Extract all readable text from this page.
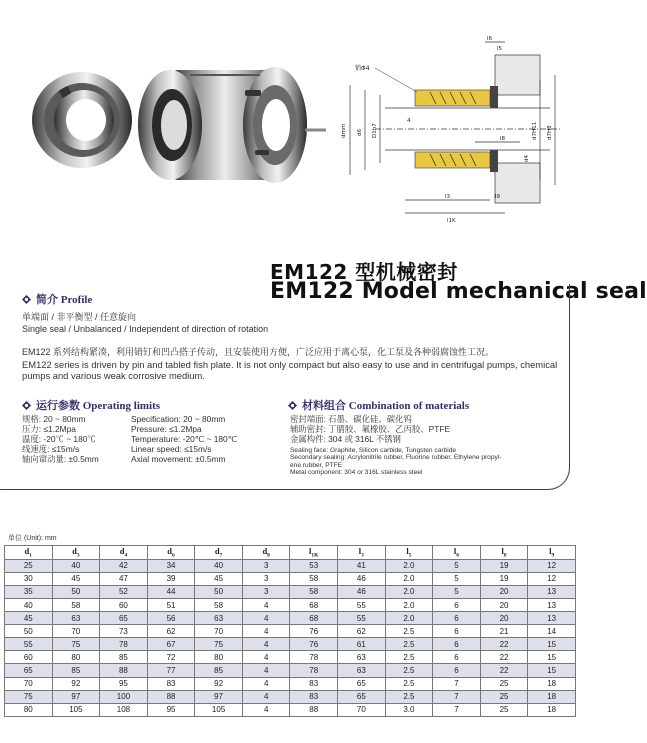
销Φ4
dmm d6 D1h7
4
d7H11 d7H8
l6
l5
l8
d4
l3	l9
l1K
EM122 型机械密封
EM122 Model mechanical seal
简介 Profile
单端面 / 非平衡型 / 任意旋向
Single seal / Unbalanced / Independent of direction of rotation
EM122 系列结构紧凑，利用销钉和凹凸搭子传动，且安装使用方便，广泛应用于离心泵，化工泵及各种弱腐蚀性工况。
EM122 series is driven by pin and tabled fish plate. It is not only compact but also easy to use and in centrifugal pumps, chemical pumps and various weak corrosive medium.
运行参数 Operating limits
规格: 20 ~ 80mm
压力: ≤1.2Mpa
温度: -20℃ ~ 180℃
线速度: ≤15m/s
轴向窜动量: ±0.5mm
Specification: 20 ~ 80mm
Pressure: ≤1.2Mpa
Temperature: -20℃ ~ 180℃
Linear speed: ≤15m/s
Axial movement: ±0.5mm
材料组合 Combination of materials
密封端面: 石墨、碳化硅、碳化钨
辅助密封: 丁腈胶、氟橡胶、乙丙胶、PTFE
金属构件: 304 或 316L 不锈钢
Sealing face: Graphite, Silicon carbide, Tungsten carbide
Secondary sealing: Acrylonitrile rubber, Fluorine rubber, Ethylene propyl-
ene rubber, PTFE
Metal component: 304 or 316L stainless steel
单位 (Unit): mm
$d_1$	$d_3$	$d_4$	$d_6$	$d_7$	$d_8$	$l_{1K}$	$l_3$	$l_5$	$l_6$	$l_8$	$l_9$
25	40	42	34	40	3	53	41	2.0	5	19	12
30	45	47	39	45	3	58	46	2.0	5	19	12
35	50	52	44	50	3	58	46	2.0	5	20	13
40	58	60	51	58	4	68	55	2.0	6	20	13
45	63	65	56	63	4	68	55	2.0	6	20	13
50	70	73	62	70	4	76	62	2.5	6	21	14
55	75	78	67	75	4	76	61	2.5	6	22	15
60	80	85	72	80	4	78	63	2.5	6	22	15
65	85	88	77	85	4	78	63	2.5	6	22	15
70	92	95	83	92	4	83	65	2.5	7	25	18
75	97	100	88	97	4	83	65	2.5	7	25	18
80	105	108	95	105	4	88	70	3.0	7	25	18
